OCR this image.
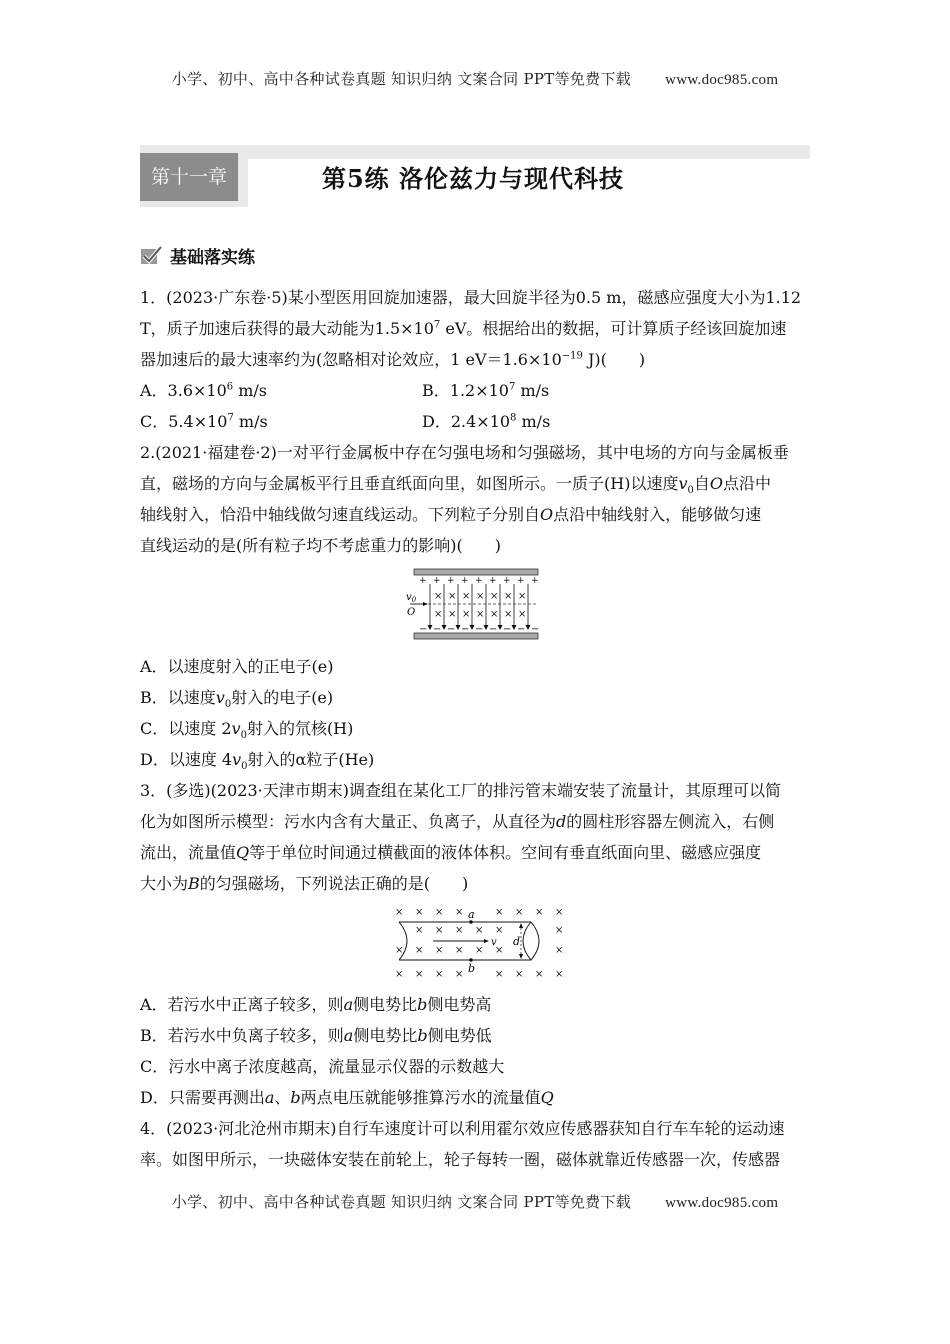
小学、初中、高中各种试卷真题 知识归纳 文案合同 PPT等免费下载 www.doc985.com
第十一章	第5练 洛伦兹力与现代科技
基础落实练

1．(2023·广东卷·5)某小型医用回旋加速器，最大回旋半径为0.5 m，磁感应强度大小为1.12

T，质子加速后获得的最大动能为$1.5\times 10^7$ eV。根据给出的数据，可计算质子经该回旋加速

器加速后的最大速率约为(忽略相对论效应，1 $eV=1.6\times 10^{-19}$ J)(　　)

A．$3.6\times 10^6$ m/s	B．$1.2\times 10^7$ m/s
C．$5.4\times 10^7$ m/s	D．$2.4\times 10^8$ m/s

2.(2021·福建卷·2)一对平行金属板中存在匀强电场和匀强磁场，其中电场的方向与金属板垂

直，磁场的方向与金属板平行且垂直纸面向里，如图所示。一质子(H)以速度$v_0$自O点沿中

轴线射入，恰沿中轴线做匀速直线运动。下列粒子分别自O点沿中轴线射入，能够做匀速

直线运动的是(所有粒子均不考虑重力的影响)(　　)

+ + + + + + + + +
× × × × × × ×
× × × × × × ×
− − − − − − − − −
$v_0$
O
A．以速度射入的正电子(e)
B．以速度$v_0$射入的电子(e)
C．以速度 $2v_0$射入的氘核(H)
D．以速度 $4v_0$射入的α粒子(He)

3．(多选)(2023·天津市期末)调查组在某化工厂的排污管末端安装了流量计，其原理可以简

化为如图所示模型：污水内含有大量正、负离子，从直径为d的圆柱形容器左侧流入，右侧

流出，流量值Q等于单位时间通过横截面的液体体积。空间有垂直纸面向里、磁感应强度

大小为B的匀强磁场，下列说法正确的是(　　)

× × × ×	× × × ×
× × × × ×	×
× × × × × ×	×
× × × ×	× × × ×
a
b
v d
A．若污水中正离子较多，则a侧电势比b侧电势高
B．若污水中负离子较多，则a侧电势比b侧电势低
C．污水中离子浓度越高，流量显示仪器的示数越大
D．只需要再测出a、b两点电压就能够推算污水的流量值Q

4．(2023·河北沧州市期末)自行车速度计可以利用霍尔效应传感器获知自行车车轮的运动速

率。如图甲所示，一块磁体安装在前轮上，轮子每转一圈，磁体就靠近传感器一次，传感器

小学、初中、高中各种试卷真题 知识归纳 文案合同 PPT等免费下载 www.doc985.com
